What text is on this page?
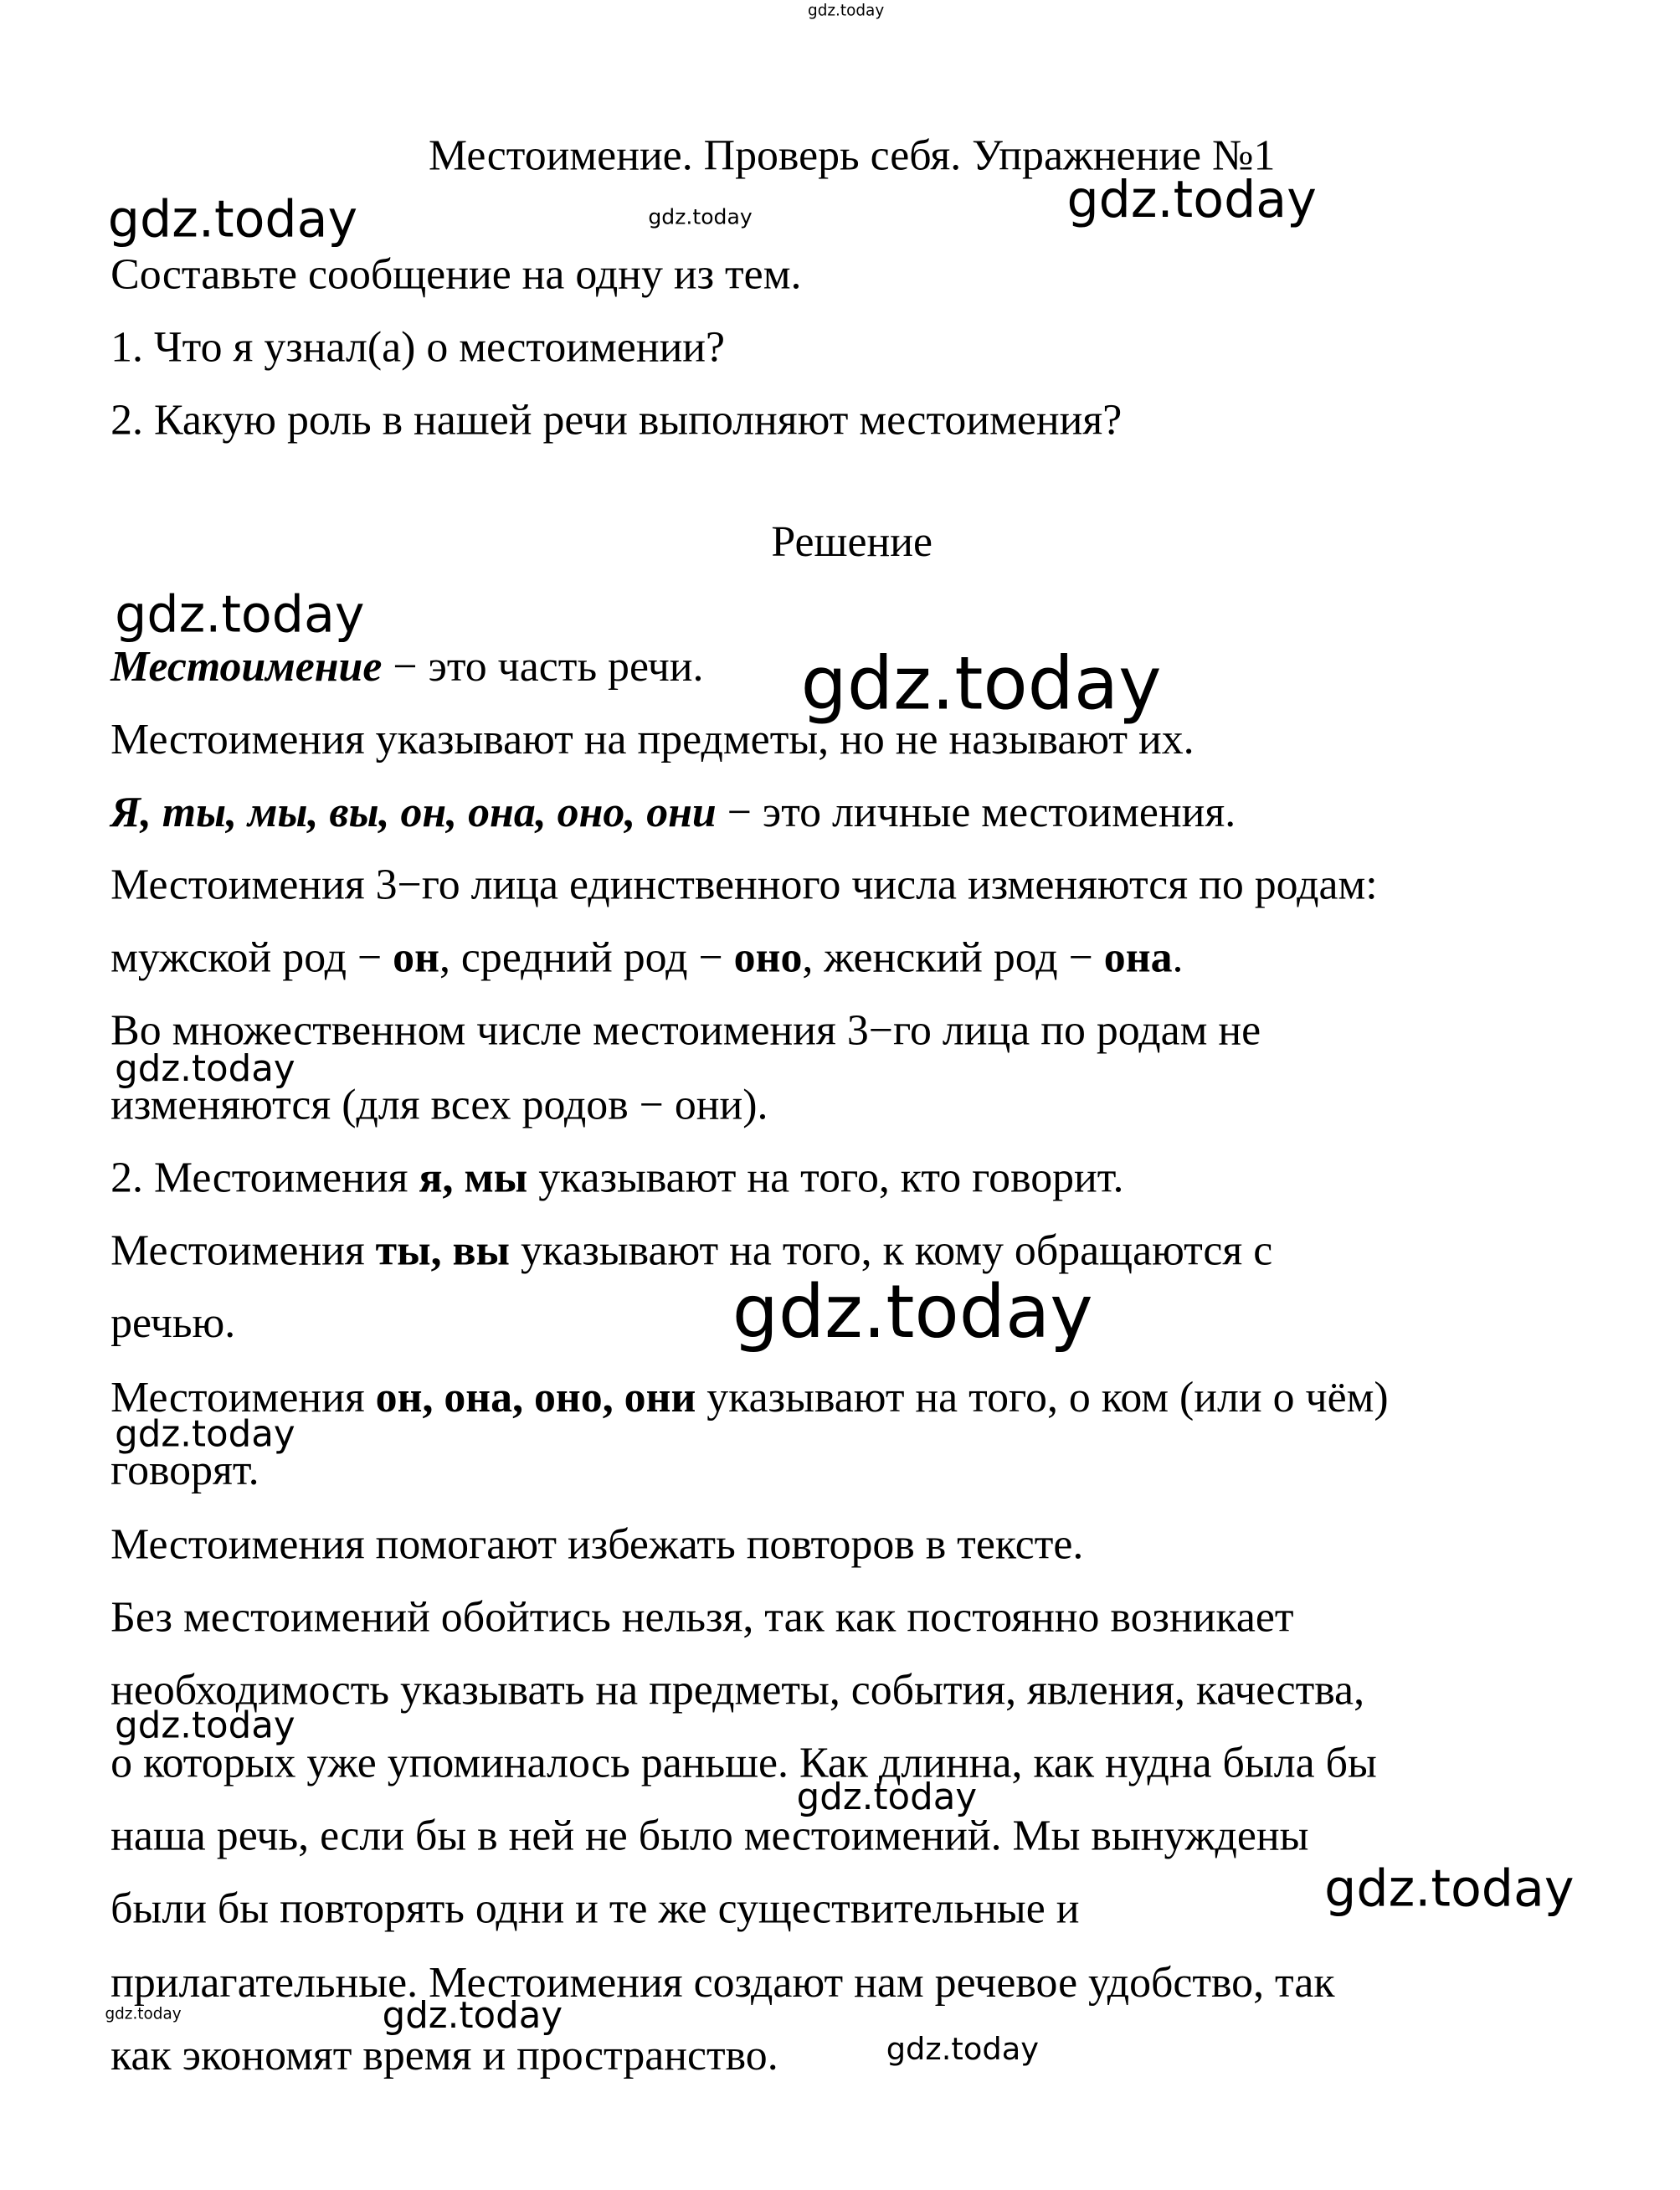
Местоимение. Проверь себя. Упражнение №1
Составьте сообщение на одну из тем.
1. Что я узнал(а) о местоимении?
2. Какую роль в нашей речи выполняют местоимения?
Решение
Местоимение − это часть речи.
Местоимения указывают на предметы, но не называют их.
Я, ты, мы, вы, он, она, оно, они − это личные местоимения.
Местоимения 3−го лица единственного числа изменяются по родам:
мужской род − он, средний род − оно, женский род − она.
Во множественном числе местоимения 3−го лица по родам не
изменяются (для всех родов − они).
2. Местоимения я, мы указывают на того, кто говорит.
Местоимения ты, вы указывают на того, к кому обращаются с
речью.
Местоимения он, она, оно, они указывают на того, о ком (или о чём)
говорят.
Местоимения помогают избежать повторов в тексте.
Без местоимений обойтись нельзя, так как постоянно возникает
необходимость указывать на предметы, события, явления, качества,
о которых уже упоминалось раньше. Как длинна, как нудна была бы
наша речь, если бы в ней не было местоимений. Мы вынуждены
были бы повторять одни и те же существительные и
прилагательные. Местоимения создают нам речевое удобство, так
как экономят время и пространство.
gdz.today
gdz.today	gdz.today	gdz.today
gdz.today
gdz.today
gdz.today
gdz.today
gdz.today
gdz.today
gdz.today
gdz.today
gdz.today	gdz.today
gdz.today
